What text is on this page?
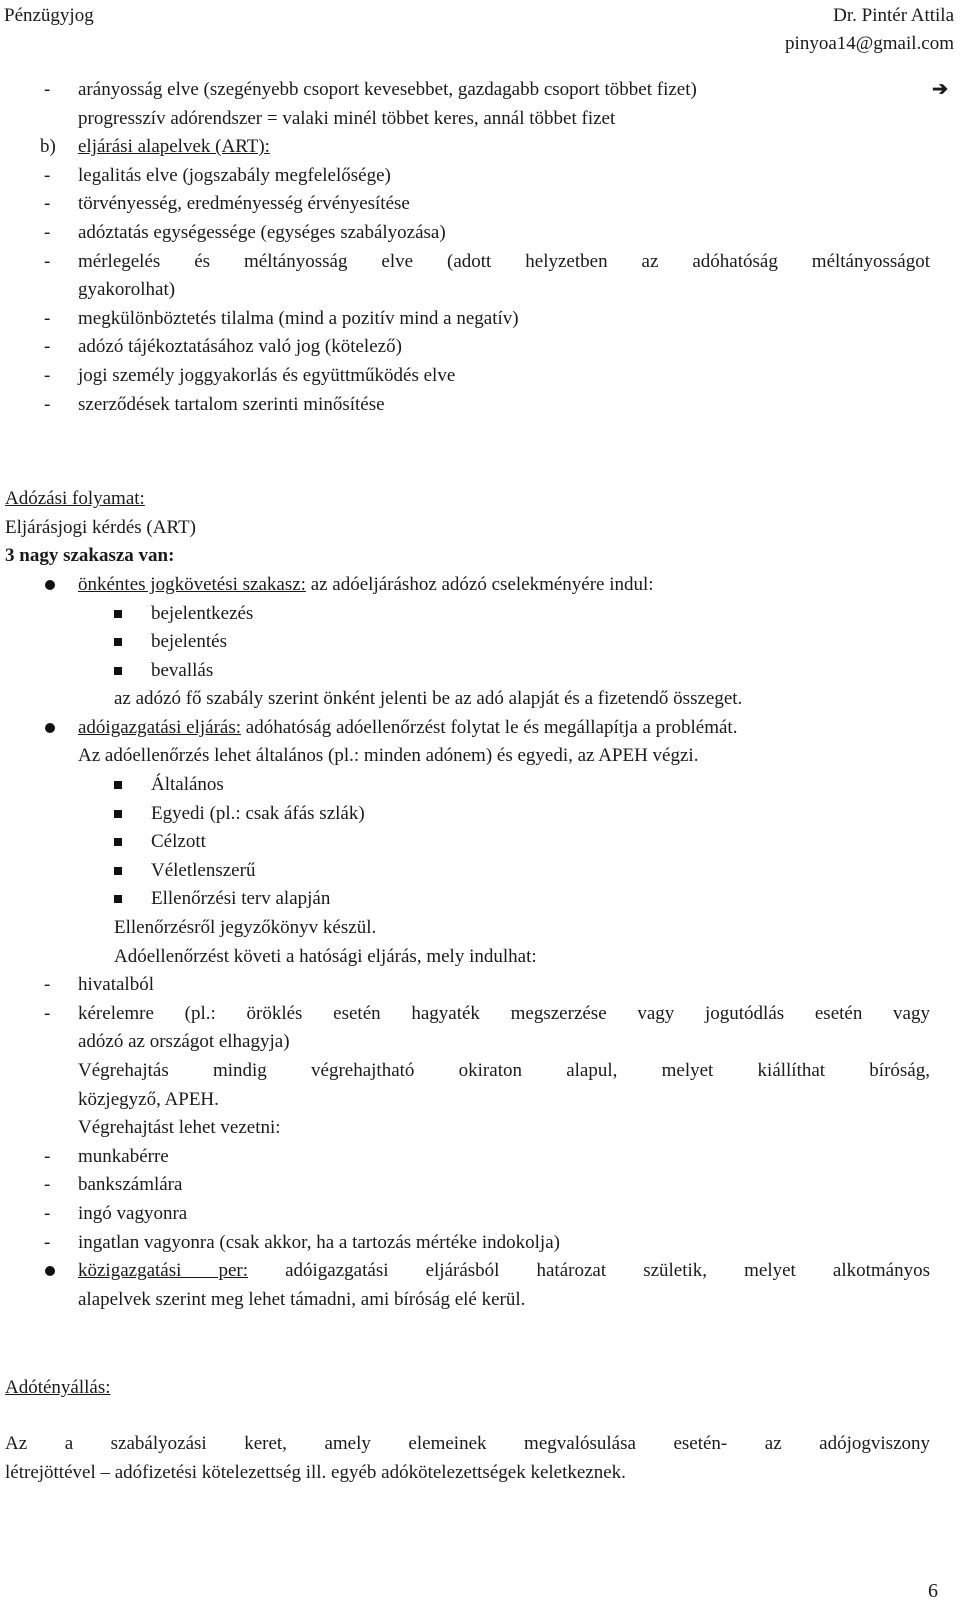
Pénzügyjog	Dr. Pintér Attila
pinyoa14@gmail.com
- arányosság elve (szegényebb csoport kevesebbet, gazdagabb csoport többet fizet)	➔
progresszív adórendszer = valaki minél többet keres, annál többet fizet
b) eljárási alapelvek (ART):
- legalitás elve (jogszabály megfelelősége)
- törvényesség, eredményesség érvényesítése
- adóztatás egységessége (egységes szabályozása)
- mérlegelés és méltányosság elve (adott helyzetben az adóhatóság méltányosságot
gyakorolhat)
- megkülönböztetés tilalma (mind a pozitív mind a negatív)
- adózó tájékoztatásához való jog (kötelező)
- jogi személy joggyakorlás és együttműködés elve
- szerződések tartalom szerinti minősítése
Adózási folyamat:
Eljárásjogi kérdés (ART)
3 nagy szakasza van:
önkéntes jogkövetési szakasz: az adóeljáráshoz adózó cselekményére indul:
bejelentkezés
bejelentés
bevallás
az adózó fő szabály szerint önként jelenti be az adó alapját és a fizetendő összeget.
adóigazgatási eljárás: adóhatóság adóellenőrzést folytat le és megállapítja a problémát.
Az adóellenőrzés lehet általános (pl.: minden adónem) és egyedi, az APEH végzi.
Általános
Egyedi (pl.: csak áfás szlák)
Célzott
Véletlenszerű
Ellenőrzési terv alapján
Ellenőrzésről jegyzőkönyv készül.
Adóellenőrzést követi a hatósági eljárás, mely indulhat:
- hivatalból
- kérelemre (pl.: öröklés esetén hagyaték megszerzése vagy jogutódlás esetén vagy
adózó az országot elhagyja)
Végrehajtás mindig végrehajtható okiraton alapul, melyet kiállíthat bíróság,
közjegyző, APEH.
Végrehajtást lehet vezetni:
- munkabérre
- bankszámlára
- ingó vagyonra
- ingatlan vagyonra (csak akkor, ha a tartozás mértéke indokolja)
közigazgatási per: adóigazgatási eljárásból határozat születik, melyet alkotmányos
alapelvek szerint meg lehet támadni, ami bíróság elé kerül.
Adótényállás:
Az a szabályozási keret, amely elemeinek megvalósulása esetén- az adójogviszony
létrejöttével – adófizetési kötelezettség ill. egyéb adókötelezettségek keletkeznek.
6
